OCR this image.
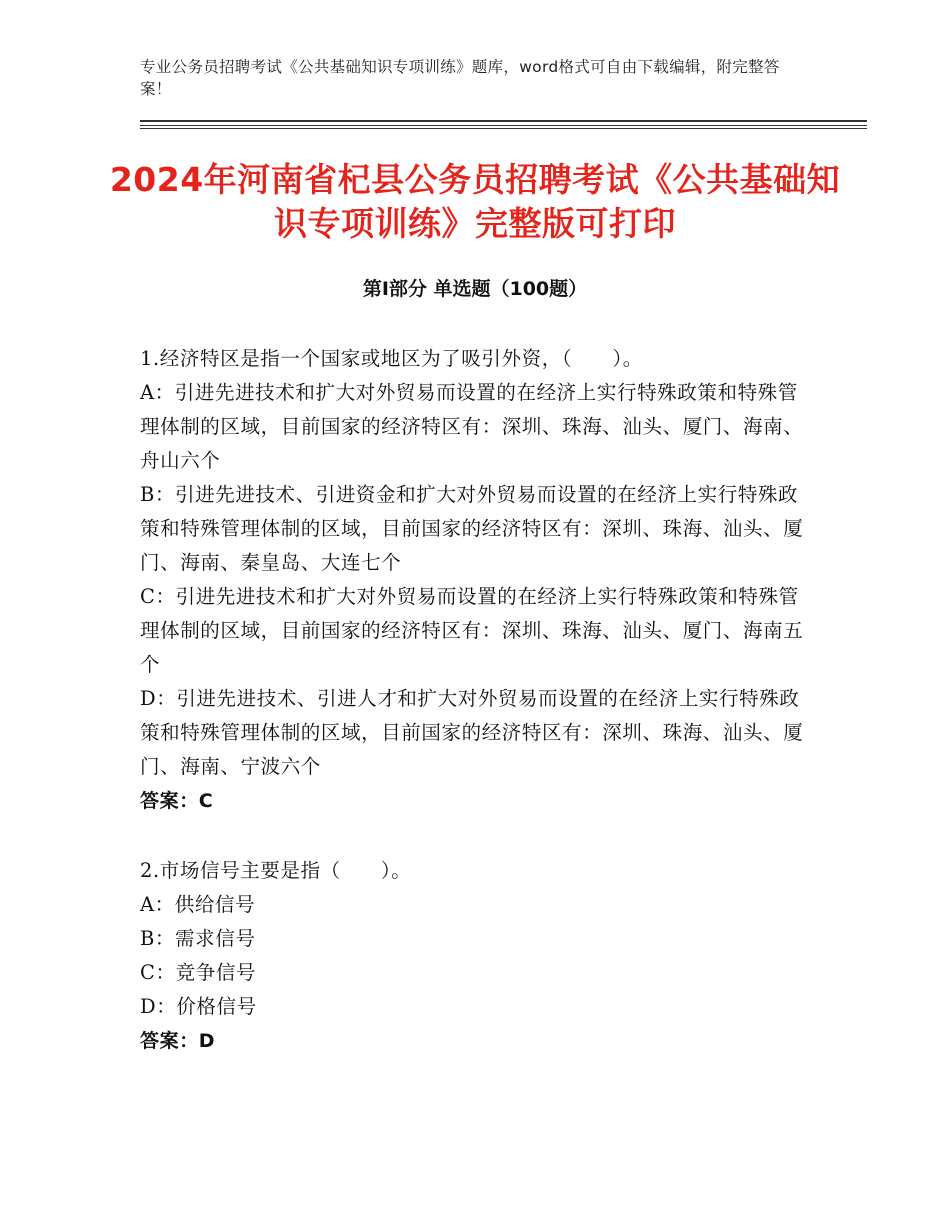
专业公务员招聘考试《公共基础知识专项训练》题库，word格式可自由下载编辑，附完整答案！
2024年河南省杞县公务员招聘考试《公共基础知识专项训练》完整版可打印
第Ⅰ部分 单选题（100题）
1.经济特区是指一个国家或地区为了吸引外资，（　　）。
A：引进先进技术和扩大对外贸易而设置的在经济上实行特殊政策和特殊管理体制的区域，目前国家的经济特区有：深圳、珠海、汕头、厦门、海南、舟山六个
B：引进先进技术、引进资金和扩大对外贸易而设置的在经济上实行特殊政策和特殊管理体制的区域，目前国家的经济特区有：深圳、珠海、汕头、厦门、海南、秦皇岛、大连七个
C：引进先进技术和扩大对外贸易而设置的在经济上实行特殊政策和特殊管理体制的区域，目前国家的经济特区有：深圳、珠海、汕头、厦门、海南五个
D：引进先进技术、引进人才和扩大对外贸易而设置的在经济上实行特殊政策和特殊管理体制的区域，目前国家的经济特区有：深圳、珠海、汕头、厦门、海南、宁波六个
答案：C
2.市场信号主要是指（　　）。
A：供给信号
B：需求信号
C：竞争信号
D：价格信号
答案：D
